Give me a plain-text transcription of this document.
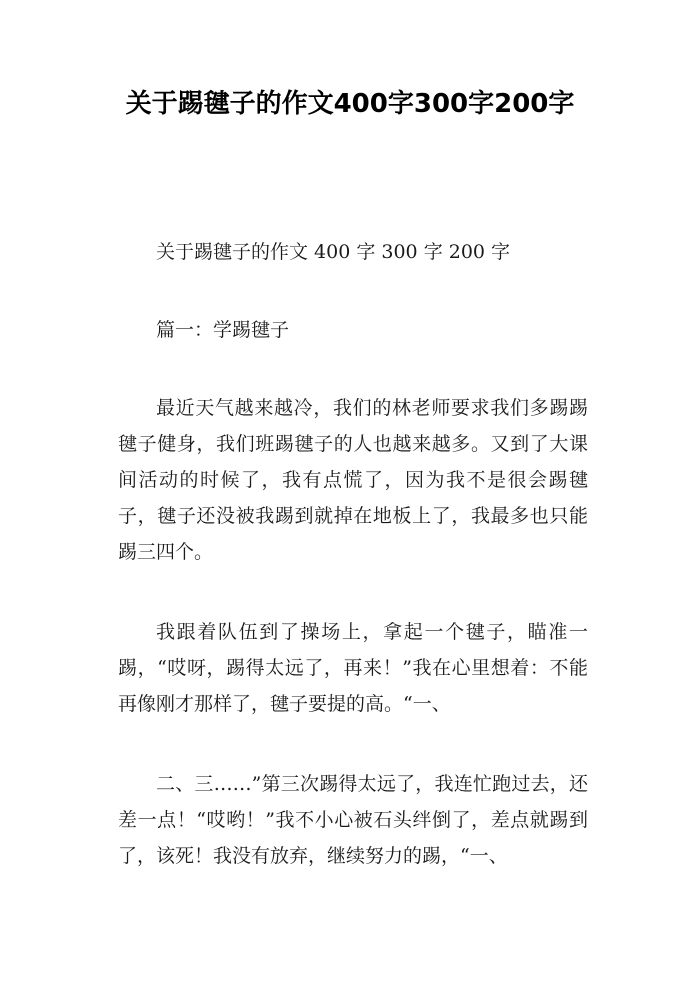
关于踢毽子的作文400字300字200字

关于踢毽子的作文 400 字 300 字 200 字

篇一：学踢毽子

最近天气越来越冷，我们的林老师要求我们多踢踢毽子健身，我们班踢毽子的人也越来越多。又到了大课间活动的时候了，我有点慌了，因为我不是很会踢毽子，毽子还没被我踢到就掉在地板上了，我最多也只能踢三四个。

我跟着队伍到了操场上，拿起一个毽子，瞄准一踢，“哎呀，踢得太远了，再来！”我在心里想着：不能再像刚才那样了，毽子要提的高。“一、

二、三……”第三次踢得太远了，我连忙跑过去，还差一点！“哎哟！”我不小心被石头绊倒了，差点就踢到了，该死！我没有放弃，继续努力的踢，“一、
